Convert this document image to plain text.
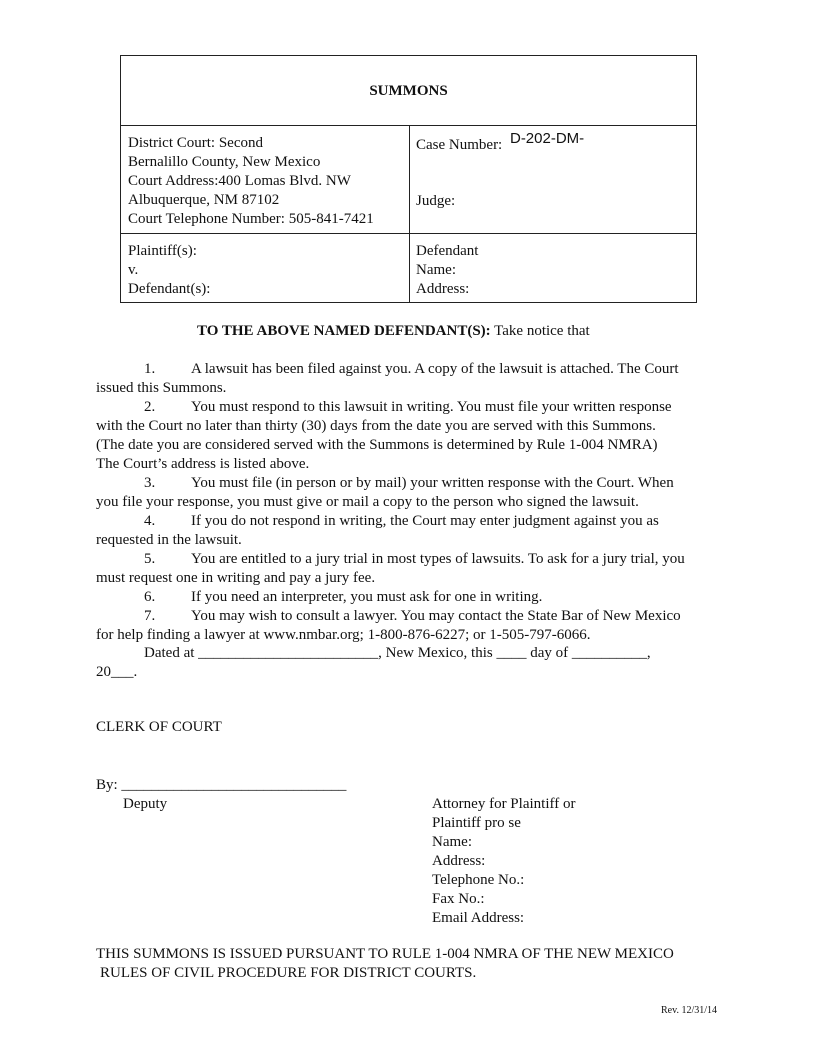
SUMMONS
District Court: Second
Bernalillo County, New Mexico
Court Address:400 Lomas Blvd. NW
Albuquerque, NM 87102
Court Telephone Number: 505-841-7421
Case Number: D-202-DM-
Judge:
Plaintiff(s):
v.
Defendant(s):
Defendant
Name:
Address:
TO THE ABOVE NAMED DEFENDANT(S): Take notice that
1. A lawsuit has been filed against you. A copy of the lawsuit is attached. The Court
issued this Summons.
2. You must respond to this lawsuit in writing. You must file your written response
with the Court no later than thirty (30) days from the date you are served with this Summons.
(The date you are considered served with the Summons is determined by Rule 1-004 NMRA)
The Court’s address is listed above.
3. You must file (in person or by mail) your written response with the Court. When
you file your response, you must give or mail a copy to the person who signed the lawsuit.
4. If you do not respond in writing, the Court may enter judgment against you as
requested in the lawsuit.
5. You are entitled to a jury trial in most types of lawsuits. To ask for a jury trial, you
must request one in writing and pay a jury fee.
6. If you need an interpreter, you must ask for one in writing.
7. You may wish to consult a lawyer. You may contact the State Bar of New Mexico
for help finding a lawyer at www.nmbar.org; 1-800-876-6227; or 1-505-797-6066.
Dated at ________________________, New Mexico, this ____ day of __________,
20___.
CLERK OF COURT
By: ______________________________
Deputy	Attorney for Plaintiff or
Plaintiff pro se
Name:
Address:
Telephone No.:
Fax No.:
Email Address:
THIS SUMMONS IS ISSUED PURSUANT TO RULE 1-004 NMRA OF THE NEW MEXICO
RULES OF CIVIL PROCEDURE FOR DISTRICT COURTS.
Rev. 12/31/14
